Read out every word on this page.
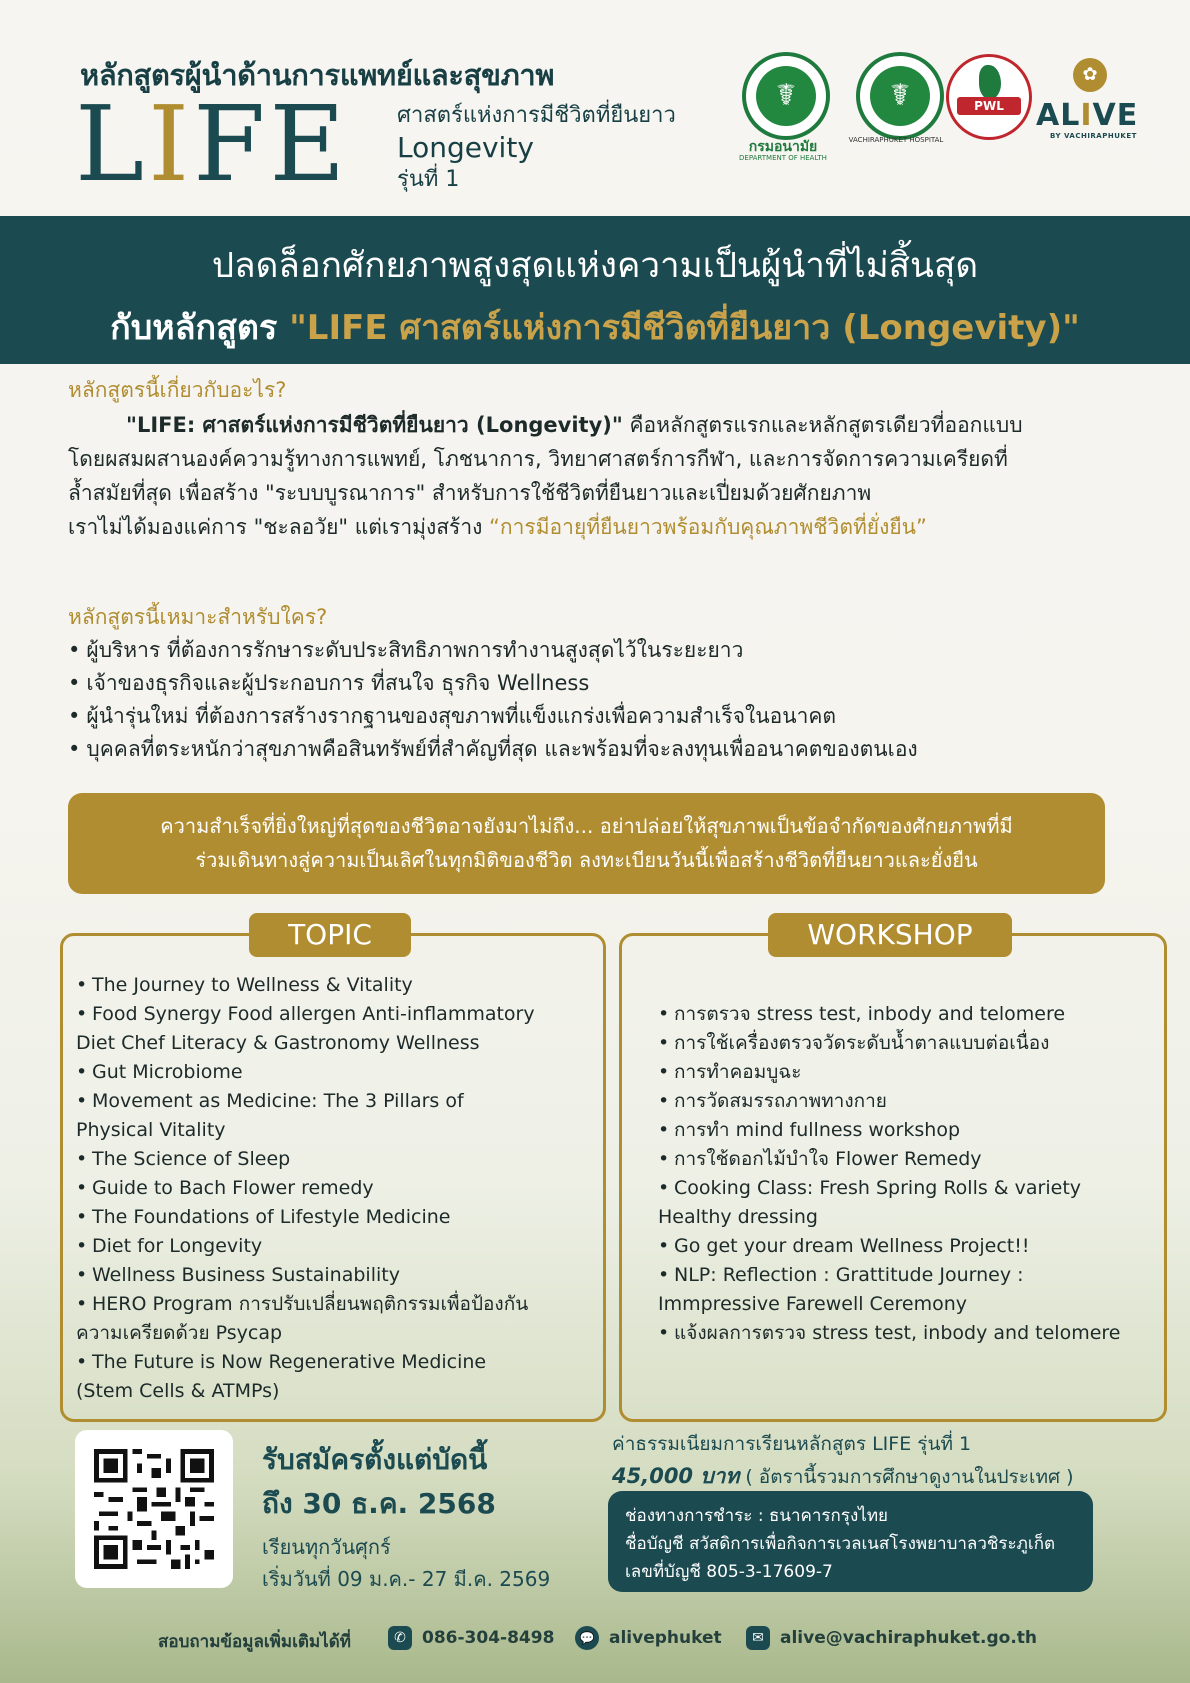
หลักสูตรผู้นำด้านการแพทย์และสุขภาพ
LIFE ศาสตร์แห่งการมีชีวิตที่ยืนยาว
Longevity
รุ่นที่ 1
☤
กรมอนามัย
DEPARTMENT OF HEALTH
☤
VACHIRAPHUKET HOSPITAL
PWL
✿
ALIVE
BY VACHIRAPHUKET
ปลดล็อกศักยภาพสูงสุดแห่งความเป็นผู้นำที่ไม่สิ้นสุด
กับหลักสูตร "LIFE ศาสตร์แห่งการมีชีวิตที่ยืนยาว (Longevity)"
หลักสูตรนี้เกี่ยวกับอะไร?
"LIFE: ศาสตร์แห่งการมีชีวิตที่ยืนยาว (Longevity)" คือหลักสูตรแรกและหลักสูตรเดียวที่ออกแบบ
โดยผสมผสานองค์ความรู้ทางการแพทย์, โภชนาการ, วิทยาศาสตร์การกีฬา, และการจัดการความเครียดที่
ล้ำสมัยที่สุด เพื่อสร้าง "ระบบบูรณาการ" สำหรับการใช้ชีวิตที่ยืนยาวและเปี่ยมด้วยศักยภาพ
เราไม่ได้มองแค่การ "ชะลอวัย" แต่เรามุ่งสร้าง “การมีอายุที่ยืนยาวพร้อมกับคุณภาพชีวิตที่ยั่งยืน”
หลักสูตรนี้เหมาะสำหรับใคร?
• ผู้บริหาร ที่ต้องการรักษาระดับประสิทธิภาพการทำงานสูงสุดไว้ในระยะยาว
• เจ้าของธุรกิจและผู้ประกอบการ ที่สนใจ ธุรกิจ Wellness
• ผู้นำรุ่นใหม่ ที่ต้องการสร้างรากฐานของสุขภาพที่แข็งแกร่งเพื่อความสำเร็จในอนาคต
• บุคคลที่ตระหนักว่าสุขภาพคือสินทรัพย์ที่สำคัญที่สุด และพร้อมที่จะลงทุนเพื่ออนาคตของตนเอง
ความสำเร็จที่ยิ่งใหญ่ที่สุดของชีวิตอาจยังมาไม่ถึง... อย่าปล่อยให้สุขภาพเป็นข้อจำกัดของศักยภาพที่มี
ร่วมเดินทางสู่ความเป็นเลิศในทุกมิติของชีวิต ลงทะเบียนวันนี้เพื่อสร้างชีวิตที่ยืนยาวและยั่งยืน
TOPIC
• The Journey to Wellness & Vitality
• Food Synergy Food allergen Anti-inflammatory
Diet Chef Literacy & Gastronomy Wellness
• Gut Microbiome
• Movement as Medicine: The 3 Pillars of
Physical Vitality
• The Science of Sleep
• Guide to Bach Flower remedy
• The Foundations of Lifestyle Medicine
• Diet for Longevity
• Wellness Business Sustainability
• HERO Program การปรับเปลี่ยนพฤติกรรมเพื่อป้องกัน
ความเครียดด้วย Psycap
• The Future is Now Regenerative Medicine
(Stem Cells & ATMPs)
WORKSHOP
• การตรวจ stress test, inbody and telomere
• การใช้เครื่องตรวจวัดระดับน้ำตาลแบบต่อเนื่อง
• การทำคอมบูฉะ
• การวัดสมรรถภาพทางกาย
• การทำ mind fullness workshop
• การใช้ดอกไม้บำใจ Flower Remedy
• Cooking Class: Fresh Spring Rolls & variety
Healthy dressing
• Go get your dream Wellness Project!!
• NLP: Reflection : Grattitude Journey :
Immpressive Farewell Ceremony
• แจ้งผลการตรวจ stress test, inbody and telomere
รับสมัครตั้งแต่บัดนี้
ถึง 30 ธ.ค. 2568
เรียนทุกวันศุกร์
เริ่มวันที่ 09 ม.ค.- 27 มี.ค. 2569
ค่าธรรมเนียมการเรียนหลักสูตร LIFE รุ่นที่ 1
45,000 บาท ( อัตรานี้รวมการศึกษาดูงานในประเทศ )
ช่องทางการชำระ : ธนาคารกรุงไทย
ชื่อบัญชี สวัสดิการเพื่อกิจการเวลเนสโรงพยาบาลวชิระภูเก็ต
เลขที่บัญชี 805-3-17609-7
สอบถามข้อมูลเพิ่มเติมได้ที่	✆ 086-304-8498	💬 alivephuket	✉ alive@vachiraphuket.go.th
